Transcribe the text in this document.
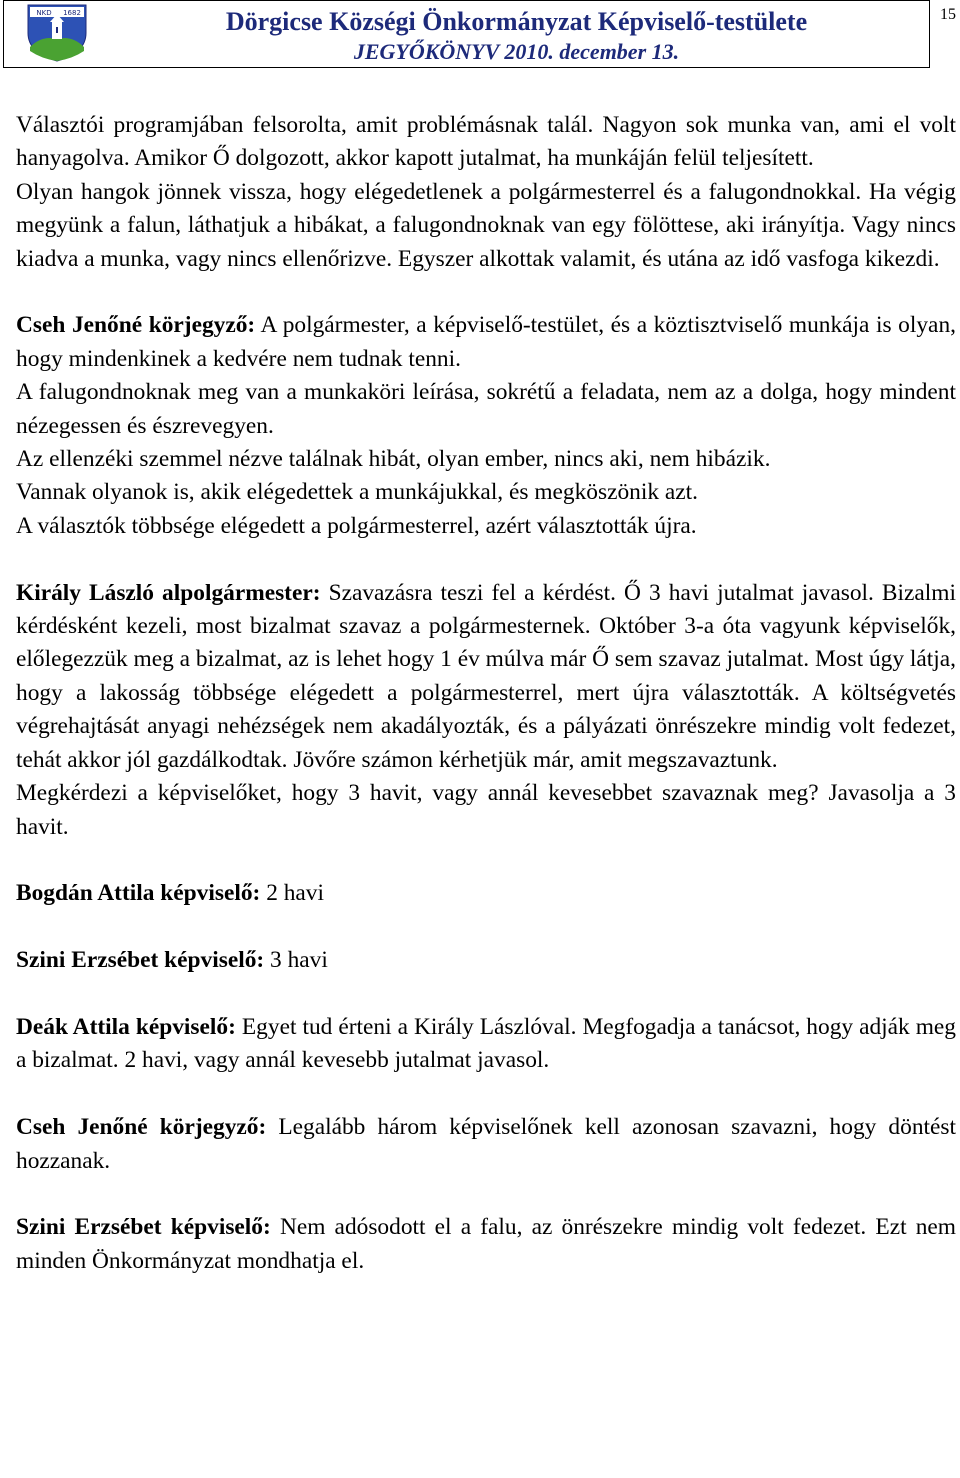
NKD 1682	Dörgicse Községi Önkormányzat Képviselő-testülete
JEGYŐKÖNYV 2010. december 13.
15

Választói programjában felsorolta, amit problémásnak talál. Nagyon sok munka van, ami el volt hanyagolva. Amikor Ő dolgozott, akkor kapott jutalmat, ha munkáján felül teljesített.

Olyan hangok jönnek vissza, hogy elégedetlenek a polgármesterrel és a falugondnokkal. Ha végig megyünk a falun, láthatjuk a hibákat, a falugondnoknak van egy fölöttese, aki irányítja. Vagy nincs kiadva a munka, vagy nincs ellenőrizve. Egyszer alkottak valamit, és utána az idő vasfoga kikezdi.

Cseh Jenőné körjegyző: A polgármester, a képviselő-testület, és a köztisztviselő munkája is olyan, hogy mindenkinek a kedvére nem tudnak tenni.

A falugondnoknak meg van a munkaköri leírása, sokrétű a feladata, nem az a dolga, hogy mindent nézegessen és észrevegyen.

Az ellenzéki szemmel nézve találnak hibát, olyan ember, nincs aki, nem hibázik.

Vannak olyanok is, akik elégedettek a munkájukkal, és megköszönik azt.

A választók többsége elégedett a polgármesterrel, azért választották újra.

Király László alpolgármester: Szavazásra teszi fel a kérdést. Ő 3 havi jutalmat javasol. Bizalmi kérdésként kezeli, most bizalmat szavaz a polgármesternek. Október 3-a óta vagyunk képviselők, előlegezzük meg a bizalmat, az is lehet hogy 1 év múlva már Ő sem szavaz jutalmat. Most úgy látja, hogy a lakosság többsége elégedett a polgármesterrel, mert újra választották. A költségvetés végrehajtását anyagi nehézségek nem akadályozták, és a pályázati önrészekre mindig volt fedezet, tehát akkor jól gazdálkodtak. Jövőre számon kérhetjük már, amit megszavaztunk.

Megkérdezi a képviselőket, hogy 3 havit, vagy annál kevesebbet szavaznak meg? Javasolja a 3 havit.

Bogdán Attila képviselő: 2 havi

Szini Erzsébet képviselő: 3 havi

Deák Attila képviselő: Egyet tud érteni a Király Lászlóval. Megfogadja a tanácsot, hogy adják meg a bizalmat. 2 havi, vagy annál kevesebb jutalmat javasol.

Cseh Jenőné körjegyző: Legalább három képviselőnek kell azonosan szavazni, hogy döntést hozzanak.

Szini Erzsébet képviselő: Nem adósodott el a falu, az önrészekre mindig volt fedezet. Ezt nem minden Önkormányzat mondhatja el.
